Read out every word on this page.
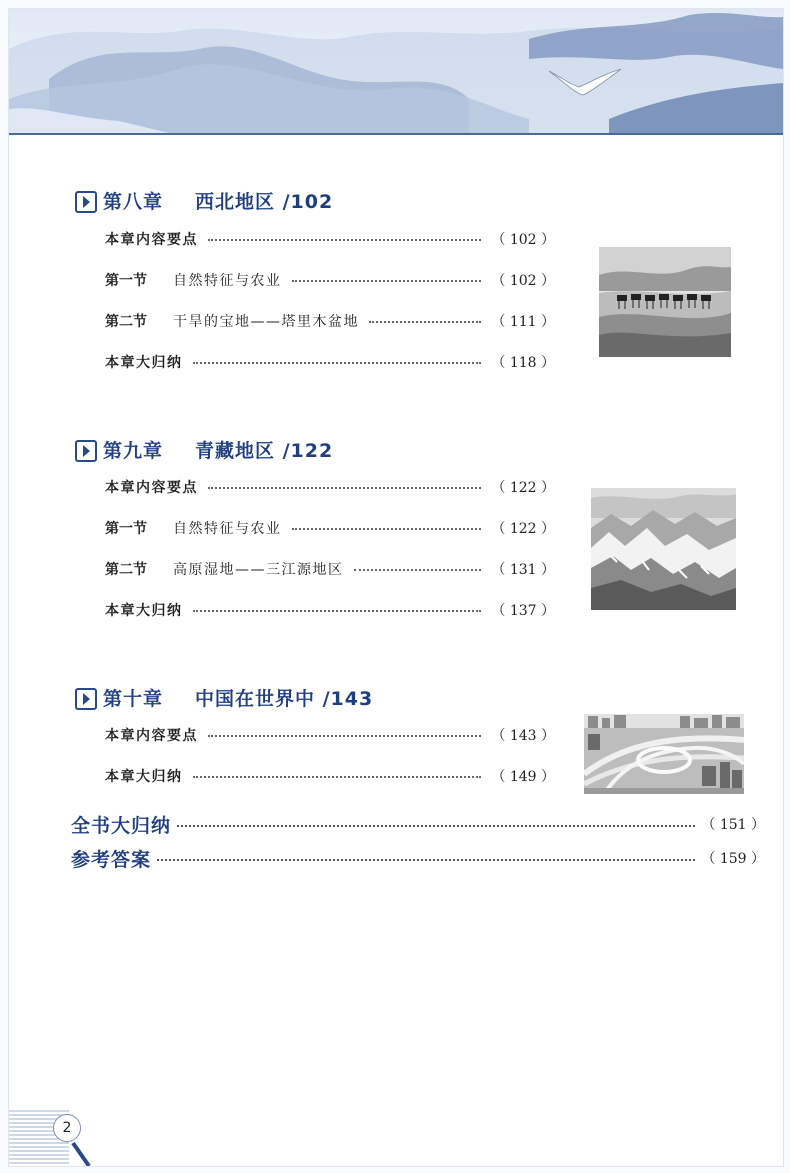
第八章 西北地区 /102
本章内容要点	（ 102 ）
第一节 自然特征与农业	（ 102 ）
第二节 干旱的宝地——塔里木盆地	（ 111 ）
本章大归纳	（ 118 ）
第九章 青藏地区 /122
本章内容要点	（ 122 ）
第一节 自然特征与农业	（ 122 ）
第二节 高原湿地——三江源地区	（ 131 ）
本章大归纳	（ 137 ）
第十章 中国在世界中 /143
本章内容要点	（ 143 ）
本章大归纳	（ 149 ）
全书大归纳	（ 151 ）
参考答案	（ 159 ）
2
